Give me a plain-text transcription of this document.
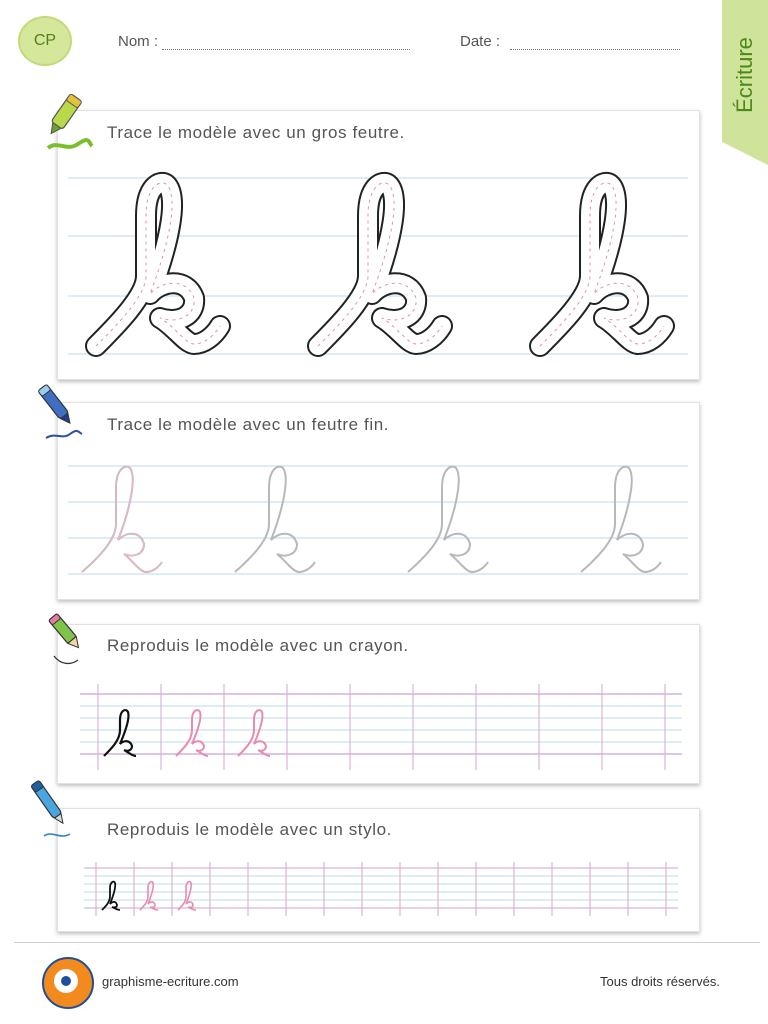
CP	Nom :	Date :	Écriture
Trace le modèle avec un gros feutre.
Trace le modèle avec un feutre fin.
Reproduis le modèle avec un crayon.
Reproduis le modèle avec un stylo.
graphisme-ecriture.com	Tous droits réservés.
